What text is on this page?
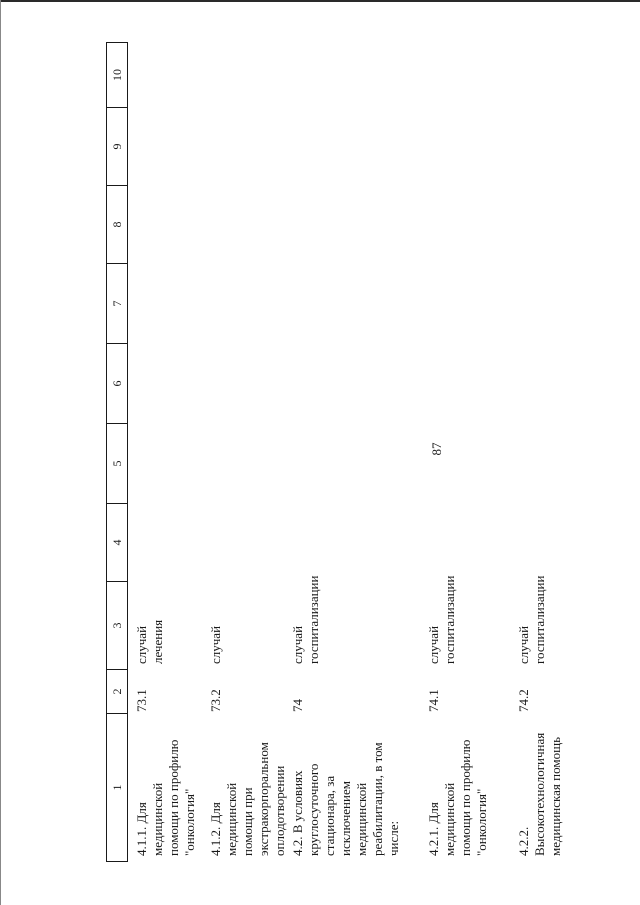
87
1
2
3
4
5
6
7
8
9
10
4.1.1. Для медицинской помощи по профилю "онкология"
73.1
случай лечения
4.1.2. Для медицинской помощи при экстракорпоральном оплодотворении
73.2
случай
4.2. В условиях круглосуточного стационара, за исключением медицинской реабилитации, в том числе:
74
случай госпитализации
4.2.1. Для медицинской помощи по профилю "онкология"
74.1
случай госпитализации
4.2.2. Высокотехнологичная медицинская помощь
74.2
случай госпитализации
